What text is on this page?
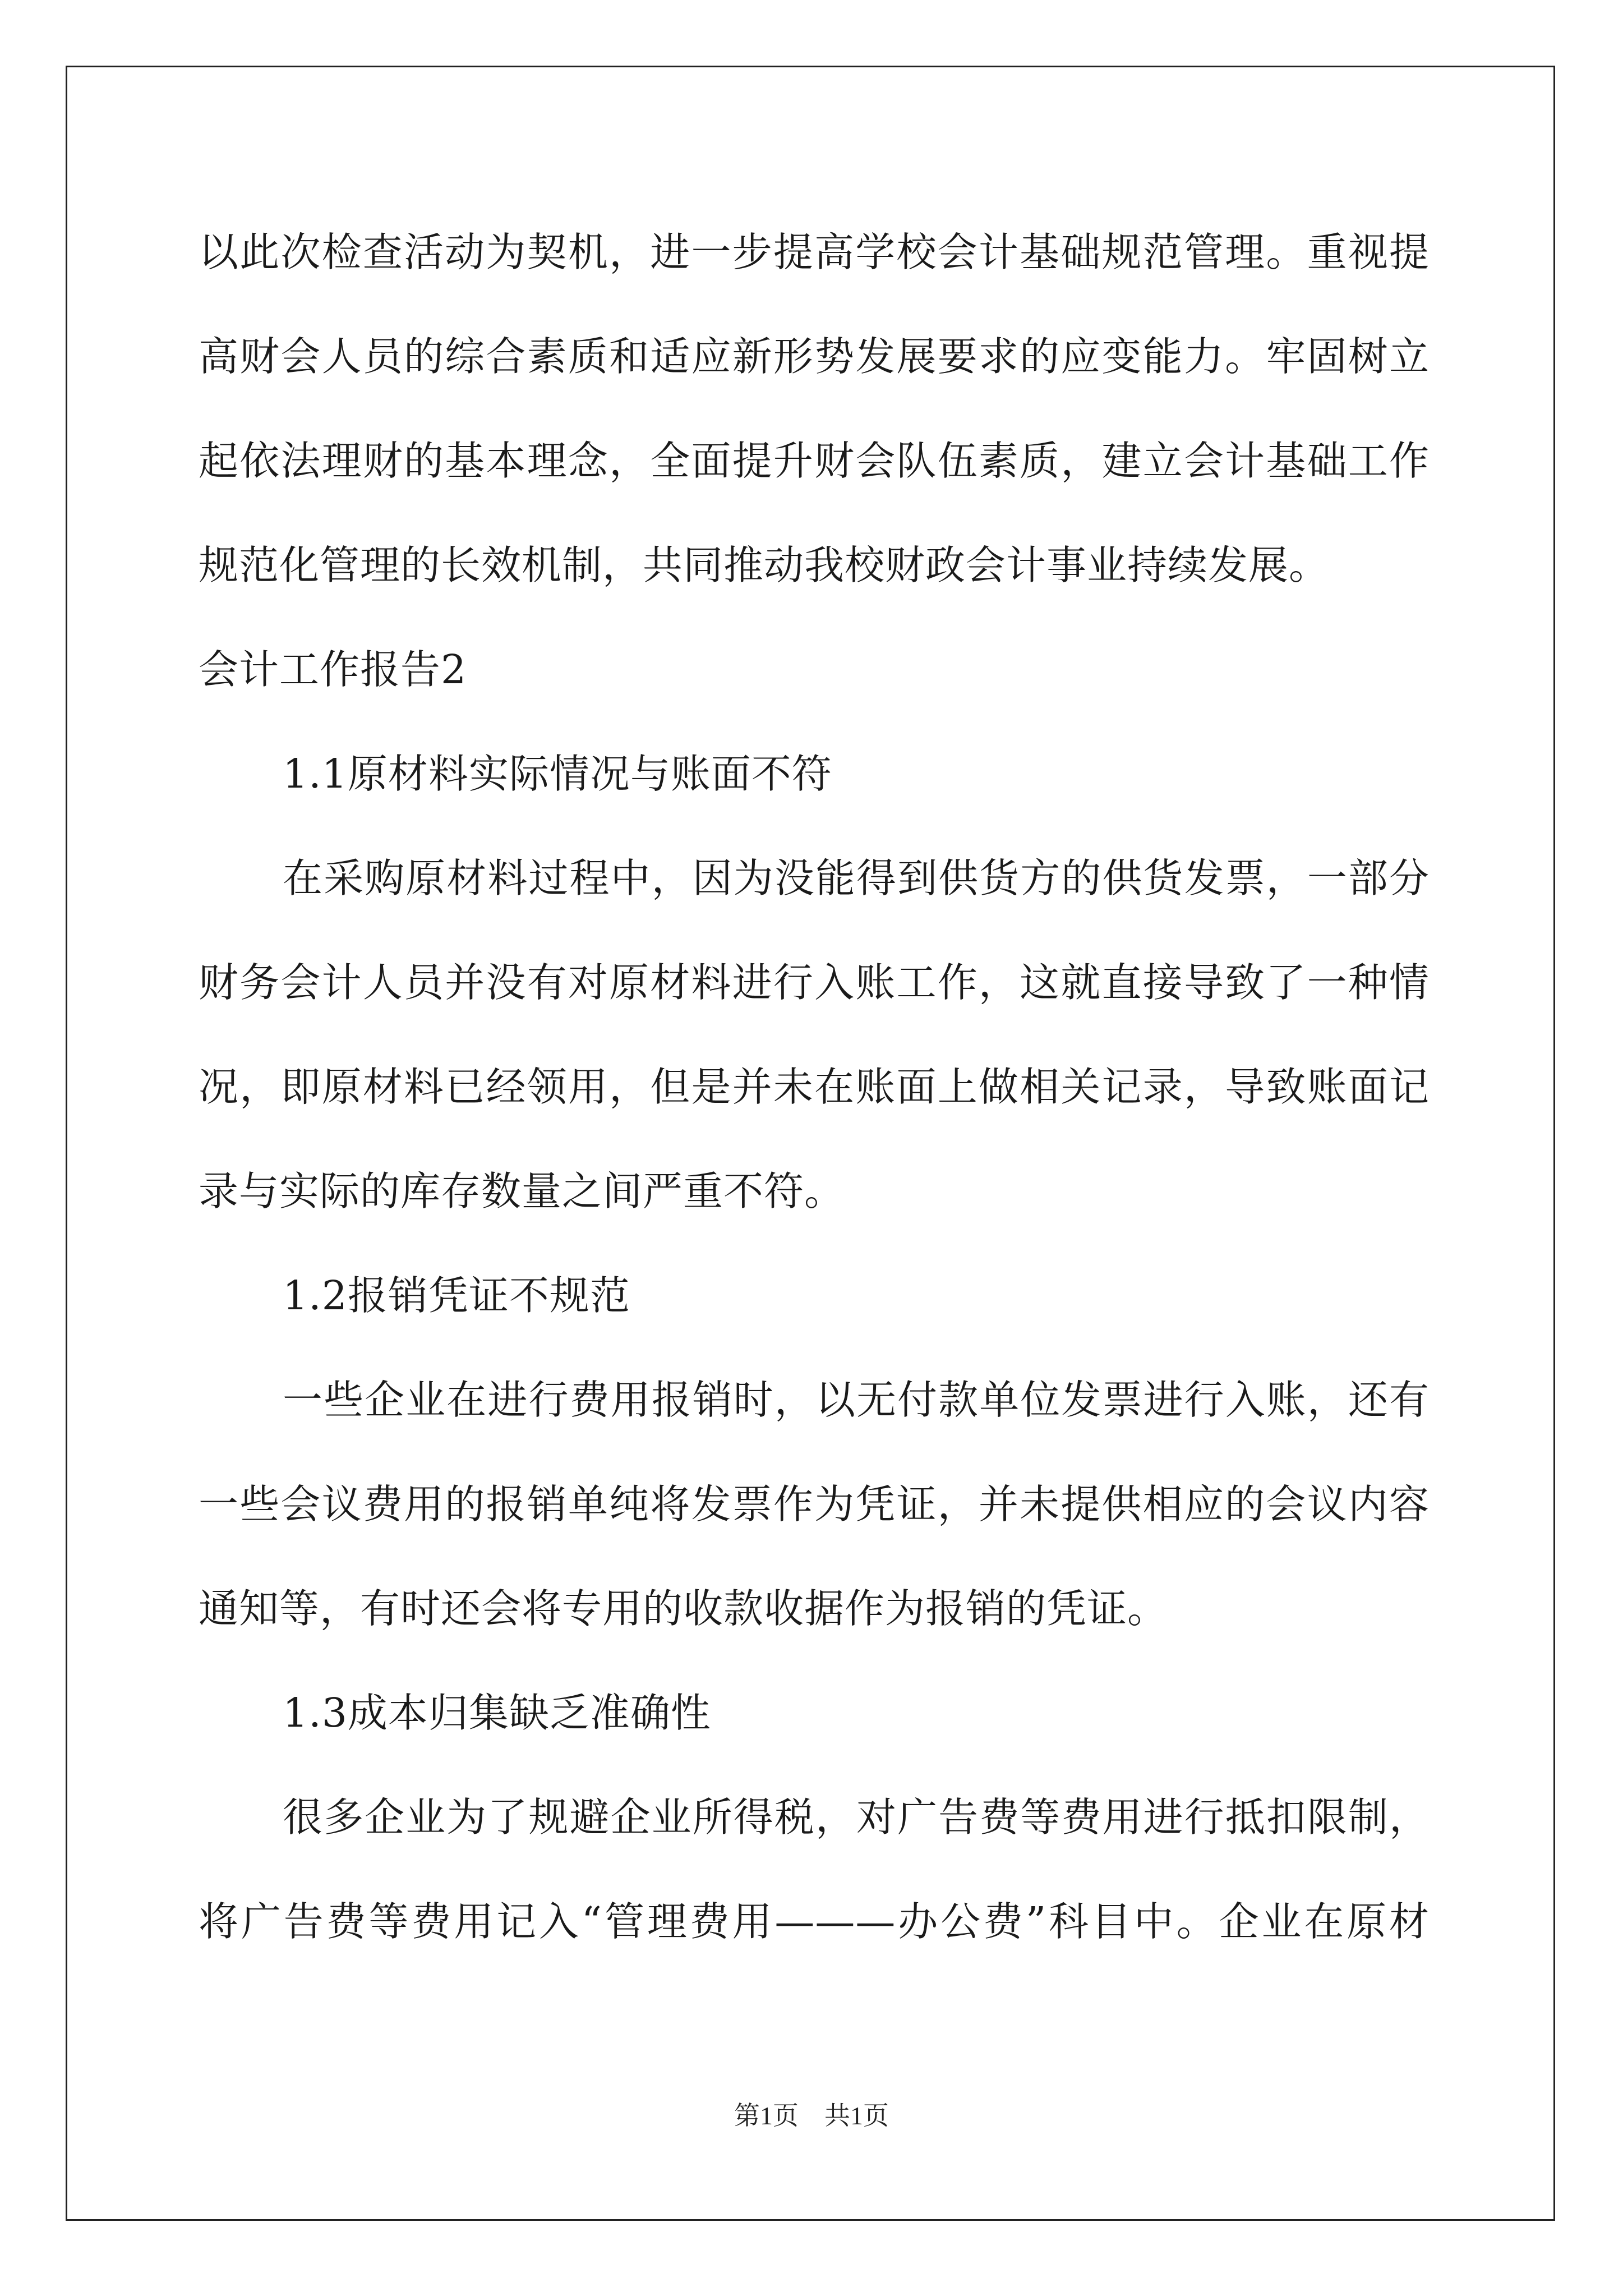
以此次检查活动为契机，进一步提高学校会计基础规范管理。重视提
高财会人员的综合素质和适应新形势发展要求的应变能力。牢固树立
起依法理财的基本理念，全面提升财会队伍素质，建立会计基础工作
规范化管理的长效机制，共同推动我校财政会计事业持续发展。
会计工作报告2
1.1原材料实际情况与账面不符
在采购原材料过程中，因为没能得到供货方的供货发票，一部分
财务会计人员并没有对原材料进行入账工作，这就直接导致了一种情
况，即原材料已经领用，但是并未在账面上做相关记录，导致账面记
录与实际的库存数量之间严重不符。
1.2报销凭证不规范
一些企业在进行费用报销时，以无付款单位发票进行入账，还有
一些会议费用的报销单纯将发票作为凭证，并未提供相应的会议内容
通知等，有时还会将专用的收款收据作为报销的凭证。
1.3成本归集缺乏准确性
很多企业为了规避企业所得税，对广告费等费用进行抵扣限制，
将广告费等费用记入“管理费用———办公费”科目中。企业在原材
第1页　共1页
